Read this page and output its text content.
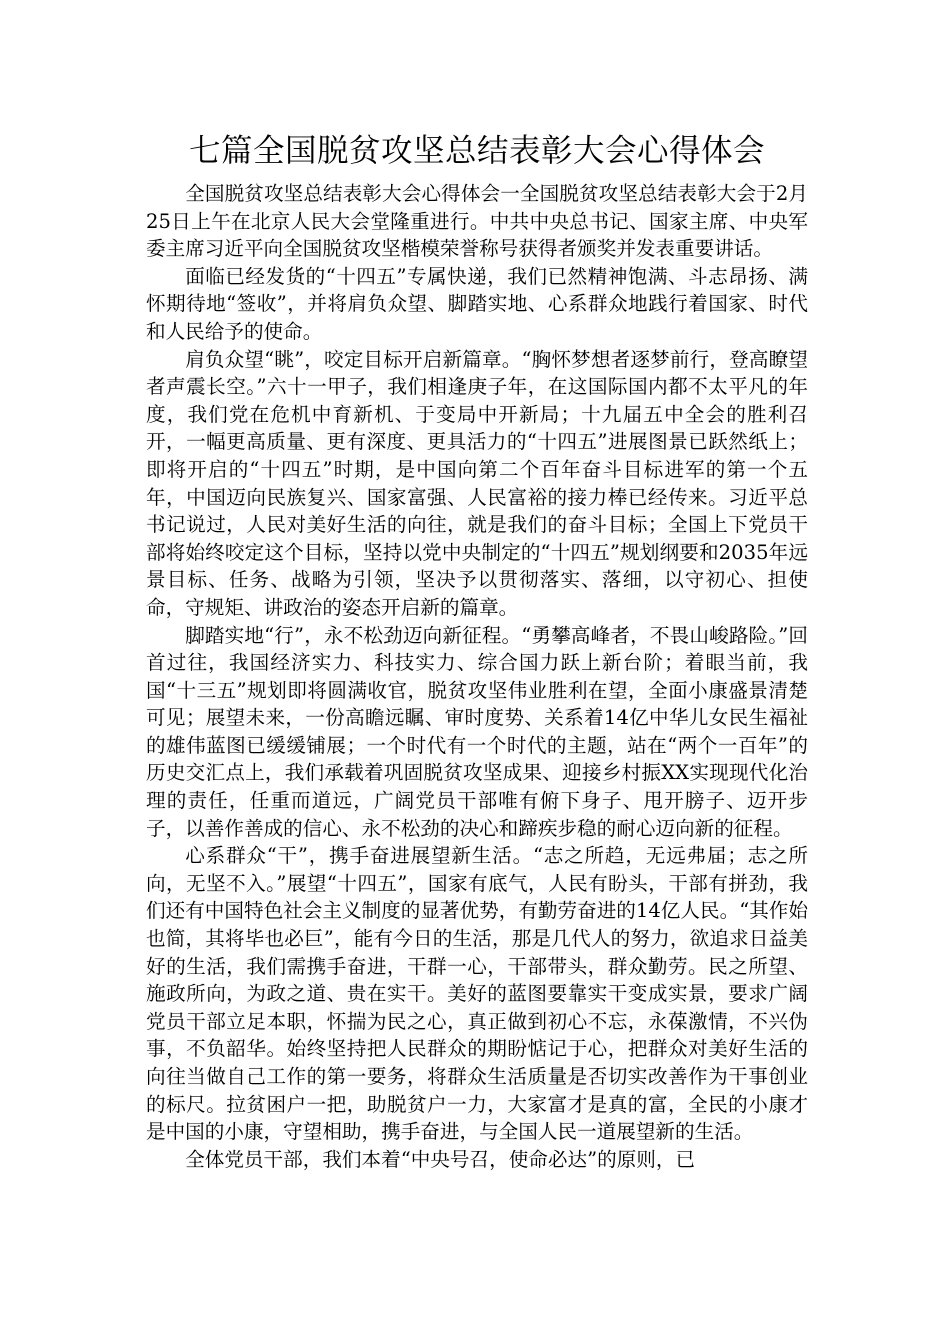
七篇全国脱贫攻坚总结表彰大会心得体会

全国脱贫攻坚总结表彰大会心得体会一全国脱贫攻坚总结表彰大会于2月25日上午在北京人民大会堂隆重进行。中共中央总书记、国家主席、中央军委主席习近平向全国脱贫攻坚楷模荣誉称号获得者颁奖并发表重要讲话。

面临已经发货的“十四五”专属快递，我们已然精神饱满、斗志昂扬、满怀期待地“签收”，并将肩负众望、脚踏实地、心系群众地践行着国家、时代和人民给予的使命。

肩负众望“眺”，咬定目标开启新篇章。“胸怀梦想者逐梦前行，登高瞭望者声震长空。”六十一甲子，我们相逢庚子年，在这国际国内都不太平凡的年度，我们党在危机中育新机、于变局中开新局；十九届五中全会的胜利召开，一幅更高质量、更有深度、更具活力的“十四五”进展图景已跃然纸上；即将开启的“十四五”时期，是中国向第二个百年奋斗目标进军的第一个五年，中国迈向民族复兴、国家富强、人民富裕的接力棒已经传来。习近平总书记说过，人民对美好生活的向往，就是我们的奋斗目标；全国上下党员干部将始终咬定这个目标，坚持以党中央制定的“十四五”规划纲要和2035年远景目标、任务、战略为引领，坚决予以贯彻落实、落细，以守初心、担使命，守规矩、讲政治的姿态开启新的篇章。

脚踏实地“行”，永不松劲迈向新征程。“勇攀高峰者，不畏山峻路险。”回首过往，我国经济实力、科技实力、综合国力跃上新台阶；着眼当前，我国“十三五”规划即将圆满收官，脱贫攻坚伟业胜利在望，全面小康盛景清楚可见；展望未来，一份高瞻远瞩、审时度势、关系着14亿中华儿女民生福祉的雄伟蓝图已缓缓铺展；一个时代有一个时代的主题，站在“两个一百年”的历史交汇点上，我们承载着巩固脱贫攻坚成果、迎接乡村振XX实现现代化治理的责任，任重而道远，广阔党员干部唯有俯下身子、甩开膀子、迈开步子，以善作善成的信心、永不松劲的决心和蹄疾步稳的耐心迈向新的征程。

心系群众“干”，携手奋进展望新生活。“志之所趋，无远弗届；志之所向，无坚不入。”展望“十四五”，国家有底气，人民有盼头，干部有拼劲，我们还有中国特色社会主义制度的显著优势，有勤劳奋进的14亿人民。“其作始也简，其将毕也必巨”，能有今日的生活，那是几代人的努力，欲追求日益美好的生活，我们需携手奋进，干群一心，干部带头，群众勤劳。民之所望、施政所向，为政之道、贵在实干。美好的蓝图要靠实干变成实景，要求广阔党员干部立足本职，怀揣为民之心，真正做到初心不忘，永葆激情，不兴伪事，不负韶华。始终坚持把人民群众的期盼惦记于心，把群众对美好生活的向往当做自己工作的第一要务，将群众生活质量是否切实改善作为干事创业的标尺。拉贫困户一把，助脱贫户一力，大家富才是真的富，全民的小康才是中国的小康，守望相助，携手奋进，与全国人民一道展望新的生活。

全体党员干部，我们本着“中央号召，使命必达”的原则，已
